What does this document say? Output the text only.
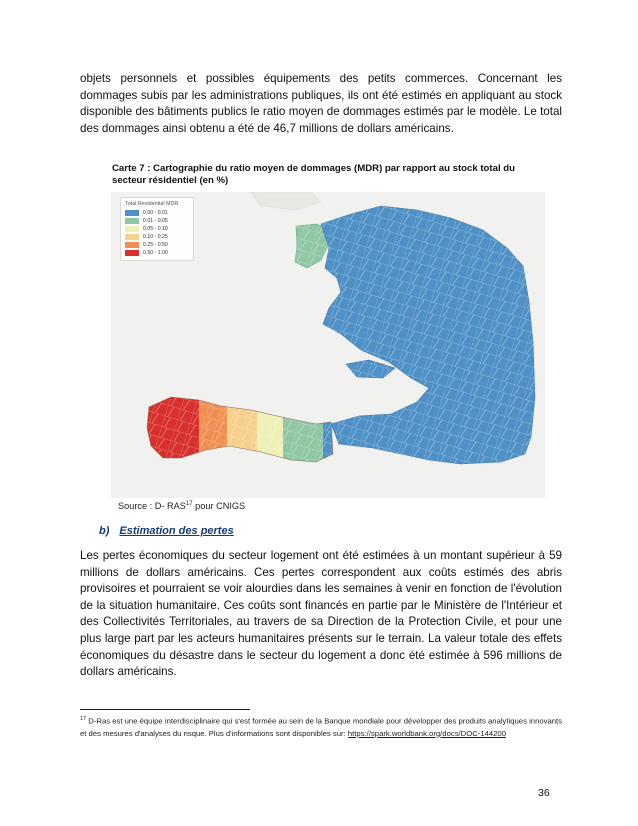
objets personnels et possibles équipements des petits commerces. Concernant les dommages subis par les administrations publiques, ils ont été estimés en appliquant au stock disponible des bâtiments publics le ratio moyen de dommages estimés par le modèle. Le total des dommages ainsi obtenu a été de 46,7 millions de dollars américains.

Carte 7 : Cartographie du ratio moyen de dommages (MDR) par rapport au stock total du secteur résidentiel (en %)

Total Residential MDR

0.00 - 0.01
0.01 - 0.05
0.05 - 0.10
0.10 - 0.25
0.25 - 0.50
0.50 - 1.00
Source : D- RAS$^{17}$ pour CNIGS
b) Estimation des pertes

Les pertes économiques du secteur logement ont été estimées à un montant supérieur à 59 millions de dollars américains. Ces pertes correspondent aux coûts estimés des abris provisoires et pourraient se voir alourdies dans les semaines à venir en fonction de l'évolution de la situation humanitaire. Ces coûts sont financés en partie par le Ministère de l'Intérieur et des Collectivités Territoriales, au travers de sa Direction de la Protection Civile, et pour une plus large part par les acteurs humanitaires présents sur le terrain. La valeur totale des effets économiques du désastre dans le secteur du logement a donc été estimée à 596 millions de dollars américains.

$^{17}$ D-Ras est une équipe interdisciplinaire qui s'est formée au sein de la Banque mondiale pour développer des produits analytiques innovants et des mesures d'analyses du risque. Plus d'informations sont disponibles sur: https://spark.worldbank.org/docs/DOC-144200

36
